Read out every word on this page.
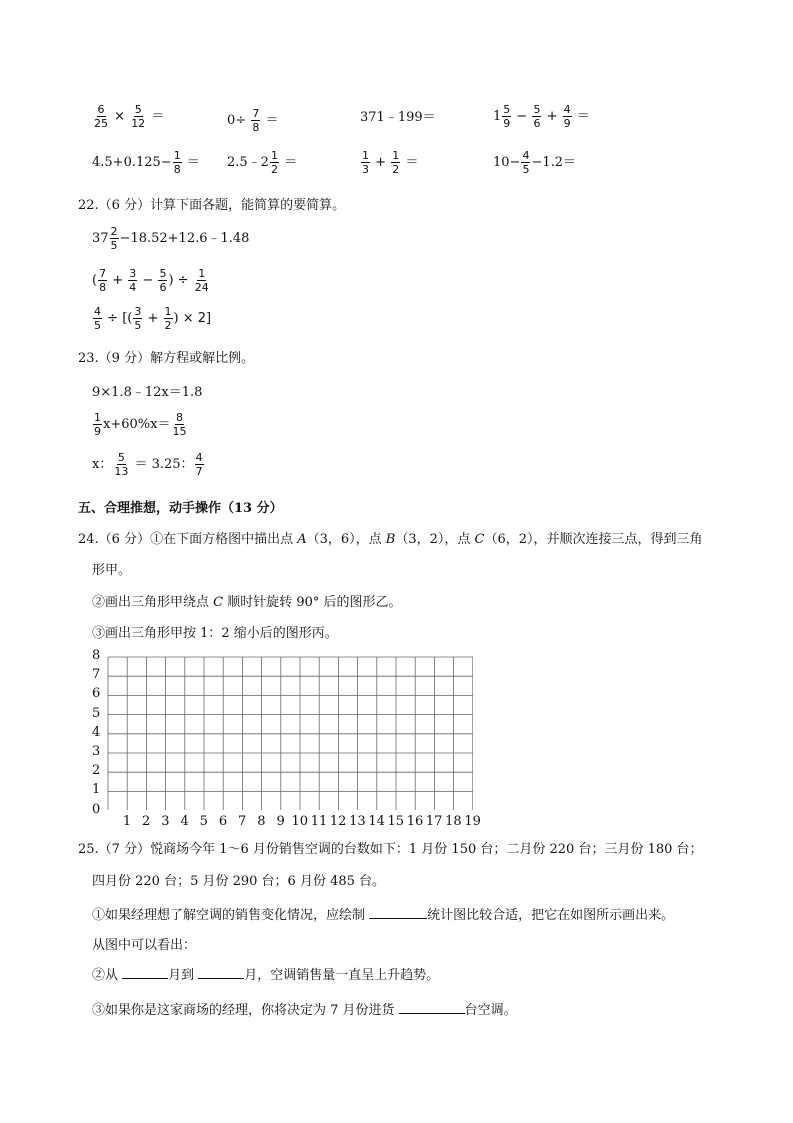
$\frac{6}{25} \times \frac{5}{12}$ ＝	$0\div \frac{7}{8}$ ＝	371﹣199＝	$1 \frac{5}{9} - \frac{5}{6} + \frac{4}{9}$ ＝
$4.5+0.125- \frac{1}{8}$ ＝ 2.5﹣2 $\frac{1}{2}$ ＝	$\frac{1}{3} + \frac{1}{2}$ ＝	$10- \frac{4}{5} -1.2=$
22.（6 分）计算下面各题，能简算的要简算。
$37 \frac{2}{5}$ −18.52+12.6﹣1.48
( $\frac{7}{8} + \frac{3}{4} - \frac{5}{6}$ ) ÷ $\frac{1}{24}$
$\frac{4}{5}$ ÷ [( $\frac{3}{5} + \frac{1}{2}$ ) × 2]
23.（9 分）解方程或解比例。
9×1.8﹣12x＝1.8
$\frac{1}{9} x+60\%x= \frac{8}{15}$
x： $\frac{5}{13} = 3.25$： $\frac{4}{7}$
五、合理推想，动手操作（13 分）
24.（6 分）①在下面方格图中描出点 A（3，6），点 B（3，2），点 C（6，2），并顺次连接三点，得到三角
形甲。
②画出三角形甲绕点 C 顺时针旋转 90° 后的图形乙。
③画出三角形甲按 1：2 缩小后的图形丙。
8
7
6
5
4
3
2
1
0
1 2 3 4 5 6 7 8 9 10 11 12 13 14 15 16 17 18 19
25.（7 分）悦商场今年 1～6 月份销售空调的台数如下：1 月份 150 台；二月份 220 台；三月份 180 台；
四月份 220 台；5 月份 290 台；6 月份 485 台。
①如果经理想了解空调的销售变化情况，应绘制	统计图比较合适，把它在如图所示画出来。
从图中可以看出：
②从	月到	月，空调销售量一直呈上升趋势。
③如果你是这家商场的经理，你将决定为 7 月份进货	台空调。
